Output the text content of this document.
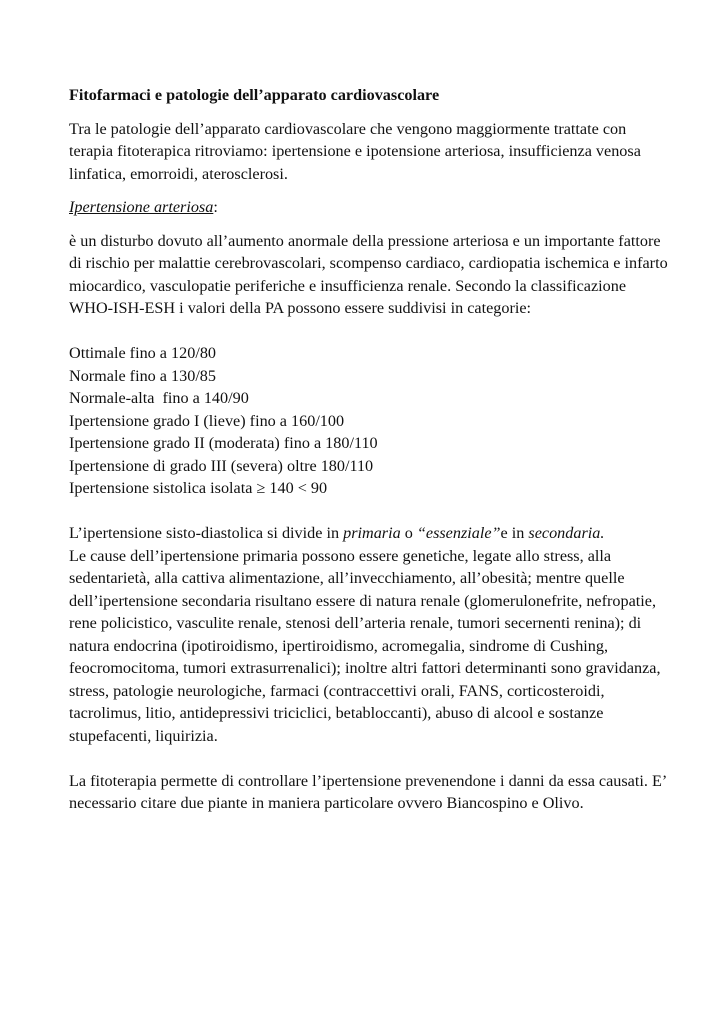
Fitofarmaci e patologie dell’apparato cardiovascolare

Tra le patologie dell’apparato cardiovascolare che vengono maggiormente trattate con terapia fitoterapica ritroviamo: ipertensione e ipotensione arteriosa, insufficienza venosa linfatica, emorroidi, aterosclerosi.

Ipertensione arteriosa:

è un disturbo dovuto all’aumento anormale della pressione arteriosa e un importante fattore di rischio per malattie cerebrovascolari, scompenso cardiaco, cardiopatia ischemica e infarto miocardico, vasculopatie periferiche e insufficienza renale. Secondo la classificazione WHO-ISH-ESH i valori della PA possono essere suddivisi in categorie:

Ottimale fino a 120/80
Normale fino a 130/85
Normale-alta  fino a 140/90
Ipertensione grado I (lieve) fino a 160/100
Ipertensione grado II (moderata) fino a 180/110
Ipertensione di grado III (severa) oltre 180/110
Ipertensione sistolica isolata ≥ 140 < 90

L’ipertensione sisto-diastolica si divide in primaria o “essenziale”e in secondaria.

Le cause dell’ipertensione primaria possono essere genetiche, legate allo stress, alla sedentarietà, alla cattiva alimentazione, all’invecchiamento, all’obesità; mentre quelle dell’ipertensione secondaria risultano essere di natura renale (glomerulonefrite, nefropatie, rene policistico, vasculite renale, stenosi dell’arteria renale, tumori secernenti renina); di natura endocrina (ipotiroidismo, ipertiroidismo, acromegalia, sindrome di Cushing, feocromocitoma, tumori extrasurrenalici); inoltre altri fattori determinanti sono gravidanza, stress, patologie neurologiche, farmaci (contraccettivi orali, FANS, corticosteroidi, tacrolimus, litio, antidepressivi triciclici, betabloccanti), abuso di alcool e sostanze stupefacenti, liquirizia.

La fitoterapia permette di controllare l’ipertensione prevenendone i danni da essa causati. E’ necessario citare due piante in maniera particolare ovvero Biancospino e Olivo.
